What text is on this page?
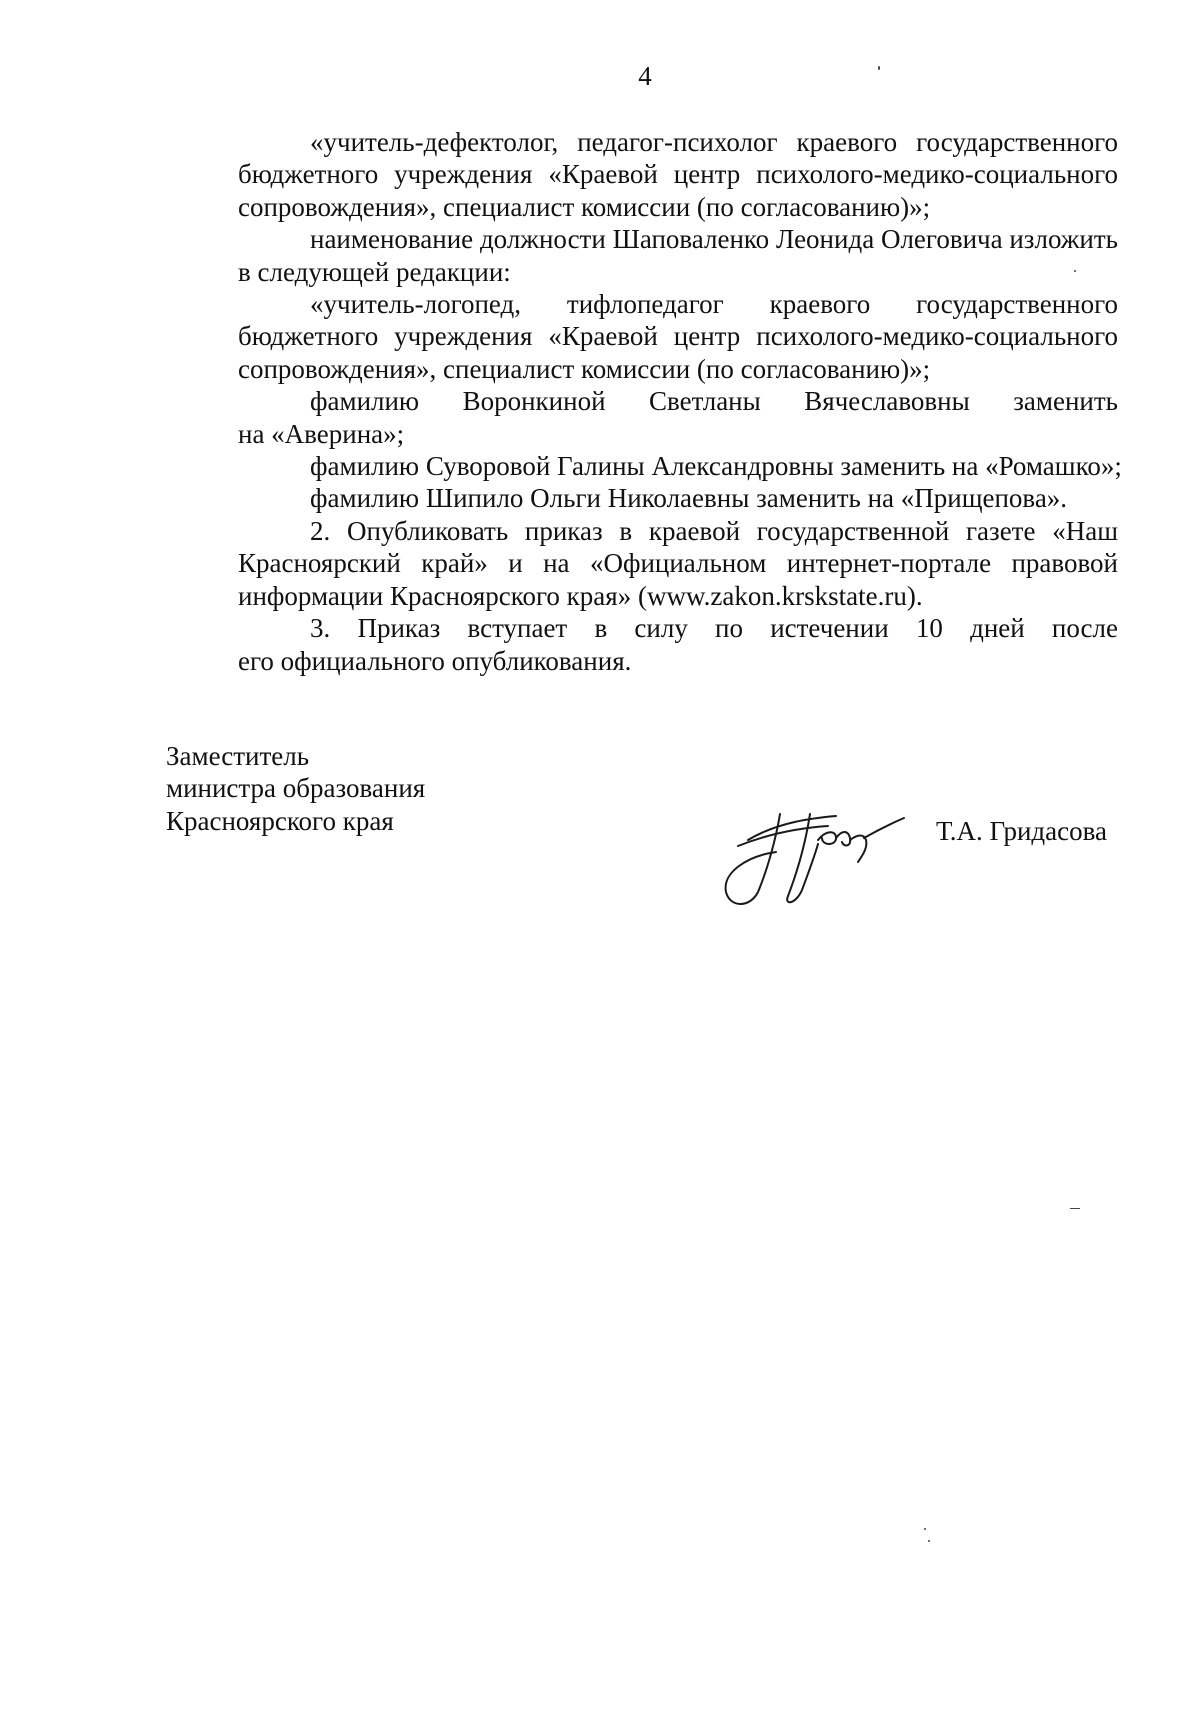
4
«учитель-дефектолог, педагог-психолог краевого государственного
бюджетного учреждения «Краевой центр психолого-медико-социального
сопровождения», специалист комиссии (по согласованию)»;
наименование должности Шаповаленко Леонида Олеговича изложить
в следующей редакции:
«учитель-логопед, тифлопедагог краевого государственного
бюджетного учреждения «Краевой центр психолого-медико-социального
сопровождения», специалист комиссии (по согласованию)»;
фамилию Воронкиной Светланы Вячеславовны заменить
на «Аверина»;
фамилию Суворовой Галины Александровны заменить на «Ромашко»;
фамилию Шипило Ольги Николаевны заменить на «Прищепова».
2. Опубликовать приказ в краевой государственной газете «Наш
Красноярский край» и на «Официальном интернет-портале правовой
информации Красноярского края» (www.zakon.krskstate.ru).
3. Приказ вступает в силу по истечении 10 дней после
его официального опубликования.
Заместитель
министра образования
Красноярского края	Т.А. Гридасова
